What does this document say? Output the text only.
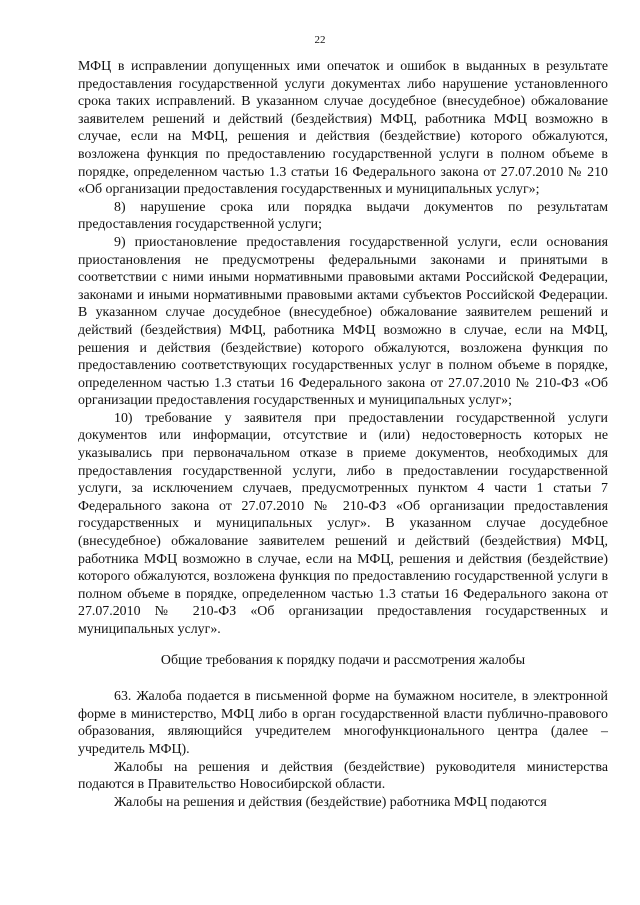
22

МФЦ в исправлении допущенных ими опечаток и ошибок в выданных в результате предоставления государственной услуги документах либо нарушение установленного срока таких исправлений. В указанном случае досудебное (внесудебное) обжалование заявителем решений и действий (бездействия) МФЦ, работника МФЦ возможно в случае, если на МФЦ, решения и действия (бездействие) которого обжалуются, возложена функция по предоставлению государственной услуги в полном объеме в порядке, определенном частью 1.3 статьи 16 Федерального закона от 27.07.2010 № 210 «Об организации предоставления государственных и муниципальных услуг»;

8) нарушение срока или порядка выдачи документов по результатам предоставления государственной услуги;

9) приостановление предоставления государственной услуги, если основания приостановления не предусмотрены федеральными законами и принятыми в соответствии с ними иными нормативными правовыми актами Российской Федерации, законами и иными нормативными правовыми актами субъектов Российской Федерации. В указанном случае досудебное (внесудебное) обжалование заявителем решений и действий (бездействия) МФЦ, работника МФЦ возможно в случае, если на МФЦ, решения и действия (бездействие) которого обжалуются, возложена функция по предоставлению соответствующих государственных услуг в полном объеме в порядке, определенном частью 1.3 статьи 16 Федерального закона от 27.07.2010 № 210-ФЗ «Об организации предоставления государственных и муниципальных услуг»;

10) требование у заявителя при предоставлении государственной услуги документов или информации, отсутствие и (или) недостоверность которых не указывались при первоначальном отказе в приеме документов, необходимых для предоставления государственной услуги, либо в предоставлении государственной услуги, за исключением случаев, предусмотренных пунктом 4 части 1 статьи 7 Федерального закона от 27.07.2010 № 210-ФЗ «Об организации предоставления государственных и муниципальных услуг». В указанном случае досудебное (внесудебное) обжалование заявителем решений и действий (бездействия) МФЦ, работника МФЦ возможно в случае, если на МФЦ, решения и действия (бездействие) которого обжалуются, возложена функция по предоставлению государственной услуги в полном объеме в порядке, определенном частью 1.3 статьи 16 Федерального закона от 27.07.2010 № 210-ФЗ «Об организации предоставления государственных и муниципальных услуг».

Общие требования к порядку подачи и рассмотрения жалобы

63. Жалоба подается в письменной форме на бумажном носителе, в электронной форме в министерство, МФЦ либо в орган государственной власти публично-правового образования, являющийся учредителем многофункционального центра (далее – учредитель МФЦ).

Жалобы на решения и действия (бездействие) руководителя министерства подаются в Правительство Новосибирской области.

Жалобы на решения и действия (бездействие) работника МФЦ подаются
